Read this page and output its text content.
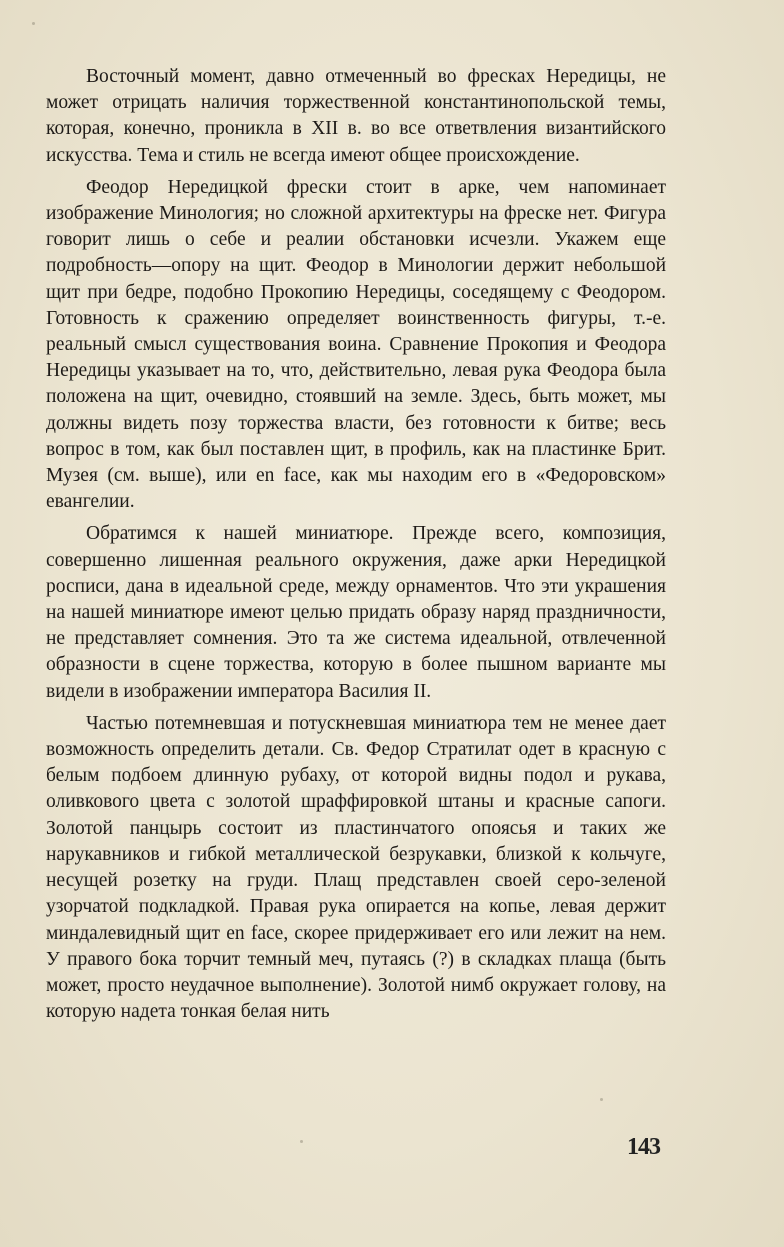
Восточный момент, давно отмеченный во фресках Нередицы, не может отрицать наличия торжественной константинопольской темы, которая, конечно, проникла в XII в. во все ответвления византийского искусства. Тема и стиль не всегда имеют общее происхождение.

Феодор Нередицкой фрески стоит в арке, чем напоминает изображение Минология; но сложной архитектуры на фреске нет. Фигура говорит лишь о себе и реалии обстановки исчезли. Укажем еще подробность—опору на щит. Феодор в Минологии держит небольшой щит при бедре, подобно Прокопию Нередицы, соседящему с Феодором. Готовность к сражению определяет воинственность фигуры, т.-е. реальный смысл существования воина. Сравнение Прокопия и Феодора Нередицы указывает на то, что, действительно, левая рука Феодора была положена на щит, очевидно, стоявший на земле. Здесь, быть может, мы должны видеть позу торжества власти, без готовности к битве; весь вопрос в том, как был поставлен щит, в профиль, как на пластинке Брит. Музея (см. выше), или en face, как мы находим его в «Федоровском» евангелии.

Обратимся к нашей миниатюре. Прежде всего, композиция, совершенно лишенная реального окружения, даже арки Нередицкой росписи, дана в идеальной среде, между орнаментов. Что эти украшения на нашей миниатюре имеют целью придать образу наряд праздничности, не представляет сомнения. Это та же система идеальной, отвлеченной образности в сцене торжества, которую в более пышном варианте мы видели в изображении императора Василия II.

Частью потемневшая и потускневшая миниатюра тем не менее дает возможность определить детали. Св. Федор Стратилат одет в красную с белым подбоем длинную рубаху, от которой видны подол и рукава, оливкового цвета с золотой шраффировкой штаны и красные сапоги. Золотой панцырь состоит из пластинчатого опоясья и таких же нарукавников и гибкой металлической безрукавки, близкой к кольчуге, несущей розетку на груди. Плащ представлен своей серо-зеленой узорчатой подкладкой. Правая рука опирается на копье, левая держит миндалевидный щит en face, скорее придерживает его или лежит на нем. У правого бока торчит темный меч, путаясь (?) в складках плаща (быть может, просто неудачное выполнение). Золотой нимб окружает голову, на которую надета тонкая белая нить

143
